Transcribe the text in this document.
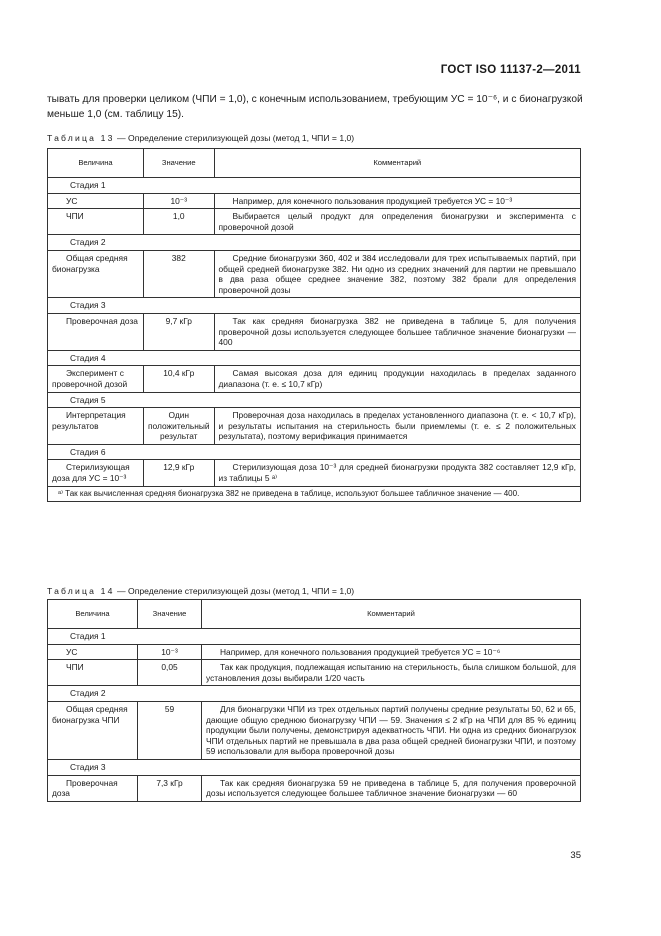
ГОСТ ISO 11137-2—2011
тывать для проверки целиком (ЧПИ = 1,0), с конечным использованием, требующим УС = 10⁻⁶, и с бионагрузкой меньше 1,0 (см. таблицу 15).
Таблица 13 — Определение стерилизующей дозы (метод 1, ЧПИ = 1,0)
Величина	Значение	Комментарий
Стадия 1		
УС	10⁻³	Например, для конечного пользования продукцией требуется УС = 10⁻³
ЧПИ	1,0	Выбирается целый продукт для определения бионагрузки и эксперимента с проверочной дозой
Стадия 2		
Общая средняя бионагрузка	382	Средние бионагрузки 360, 402 и 384 исследовали для трех испытываемых партий, при общей средней бионагрузке 382. Ни одно из средних значений для партии не превышало в два раза общее среднее значение 382, поэтому 382 брали для определения проверочной дозы
Стадия 3		
Проверочная доза	9,7 кГр	Так как средняя бионагрузка 382 не приведена в таблице 5, для получения проверочной дозы используется следующее большее табличное значение бионагрузки — 400
Стадия 4		
Эксперимент с проверочной дозой	10,4 кГр	Самая высокая доза для единиц продукции находилась в пределах заданного диапазона (т. е. ≤ 10,7 кГр)
Стадия 5		
Интерпретация результатов	Один положительный результат	Проверочная доза находилась в пределах установленного диапазона (т. е. < 10,7 кГр), и результаты испытания на стерильность были приемлемы (т. е. ≤ 2 положительных результата), поэтому верификация принимается
Стадия 6		
Стерилизующая доза для УС = 10⁻³	12,9 кГр	Стерилизующая доза 10⁻³ для средней бионагрузки продукта 382 составляет 12,9 кГр, из таблицы 5 ᵃ⁾
ᵃ⁾ Так как вычисленная средняя бионагрузка 382 не приведена в таблице, используют большее табличное значение — 400.		
Таблица 14 — Определение стерилизующей дозы (метод 1, ЧПИ = 1,0)
Величина	Значение	Комментарий
Стадия 1		
УС	10⁻³	Например, для конечного пользования продукцией требуется УС = 10⁻⁶
ЧПИ	0,05	Так как продукция, подлежащая испытанию на стерильность, была слишком большой, для установления дозы выбирали 1/20 часть
Стадия 2		
Общая средняя бионагрузка ЧПИ	59	Для бионагрузки ЧПИ из трех отдельных партий получены средние результаты 50, 62 и 65, дающие общую среднюю бионагрузку ЧПИ — 59. Значения ≤ 2 кГр на ЧПИ для 85 % единиц продукции были получены, демонстрируя адекватность ЧПИ. Ни одна из средних бионагрузок ЧПИ отдельных партий не превышала в два раза общей средней бионагрузки ЧПИ, и поэтому 59 использовали для выбора проверочной дозы
Стадия 3		
Проверочная доза	7,3 кГр	Так как средняя бионагрузка 59 не приведена в таблице 5, для получения проверочной дозы используется следующее большее табличное значение бионагрузки — 60
35
